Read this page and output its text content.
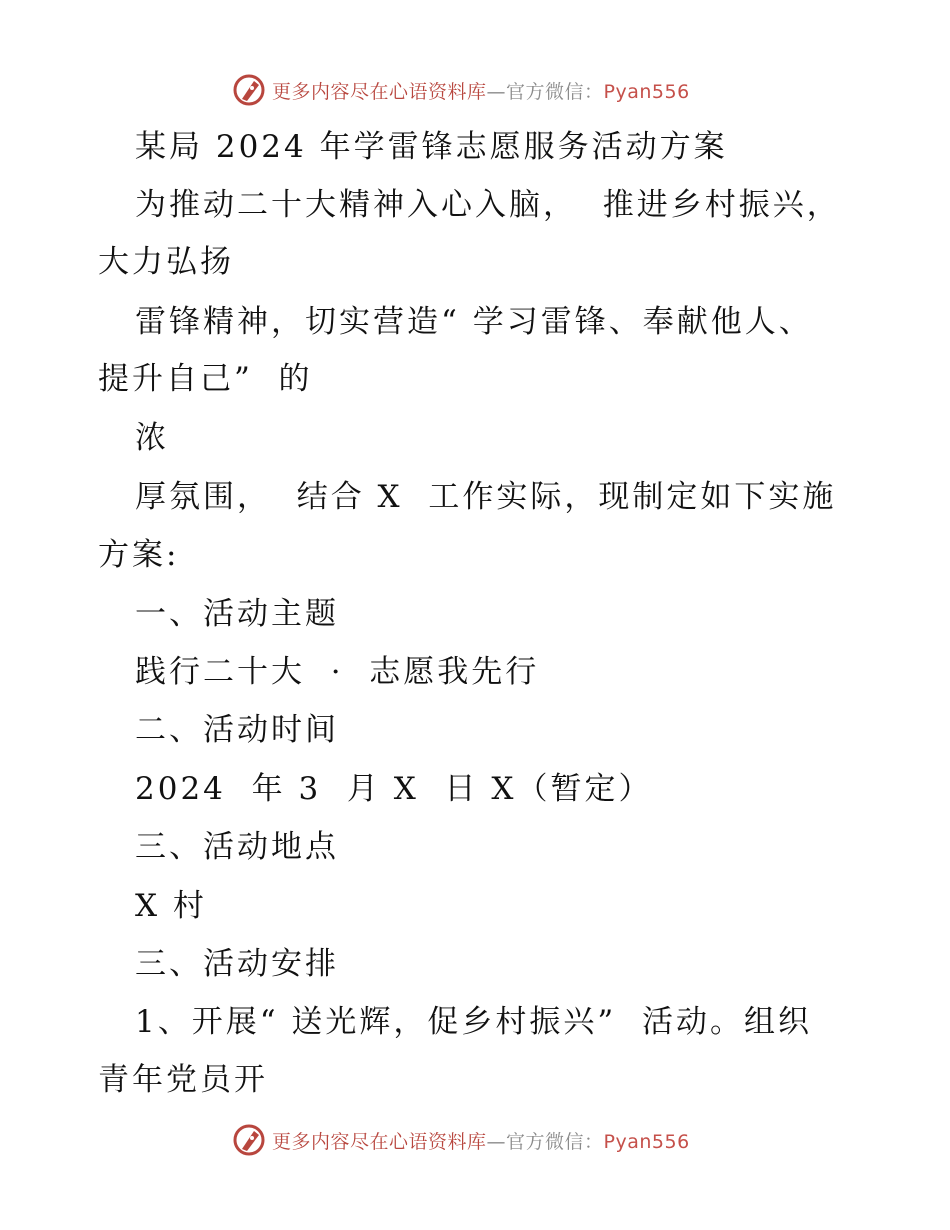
更多内容尽在心语资料库—官方微信：Pyan556
某局 2024 年学雷锋志愿服务活动方案
为推动二十大精神入心入脑，  推进乡村振兴，
大力弘扬
雷锋精神，切实营造“ 学习雷锋、奉献他人、
提升自己”  的
浓
厚氛围，  结合 X  工作实际，现制定如下实施
方案:
一、活动主题
践行二十大  ·  志愿我先行
二、活动时间
2024  年 3  月 X  日 X（暂定）
三、活动地点
X 村
三、活动安排
1、开展“ 送光辉，促乡村振兴”  活动。组织
青年党员开
更多内容尽在心语资料库—官方微信：Pyan556
